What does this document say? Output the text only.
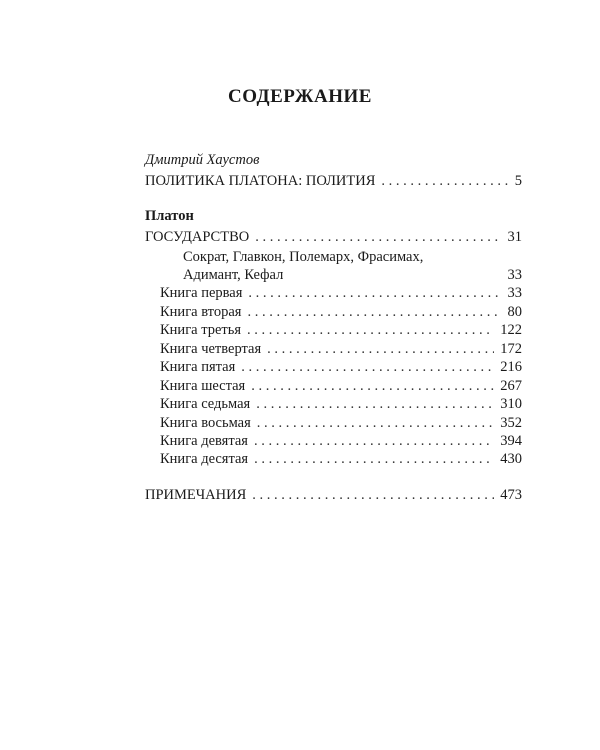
СОДЕРЖАНИЕ
Дмитрий Хаустов
ПОЛИТИКА ПЛАТОНА: ПОЛИТИЯ . . .	5
Платон
ГОСУДАРСТВО . . .	31
Сократ, Главкон, Полемарх, Фрасимах,
Адимант, Кефал	33
Книга первая . . .	33
Книга вторая . . .	80
Книга третья . . .	122
Книга четвертая . . .	172
Книга пятая . . .	216
Книга шестая . . .	267
Книга седьмая . . .	310
Книга восьмая . . .	352
Книга девятая . . .	394
Книга десятая . . .	430
ПРИМЕЧАНИЯ . . .	473
